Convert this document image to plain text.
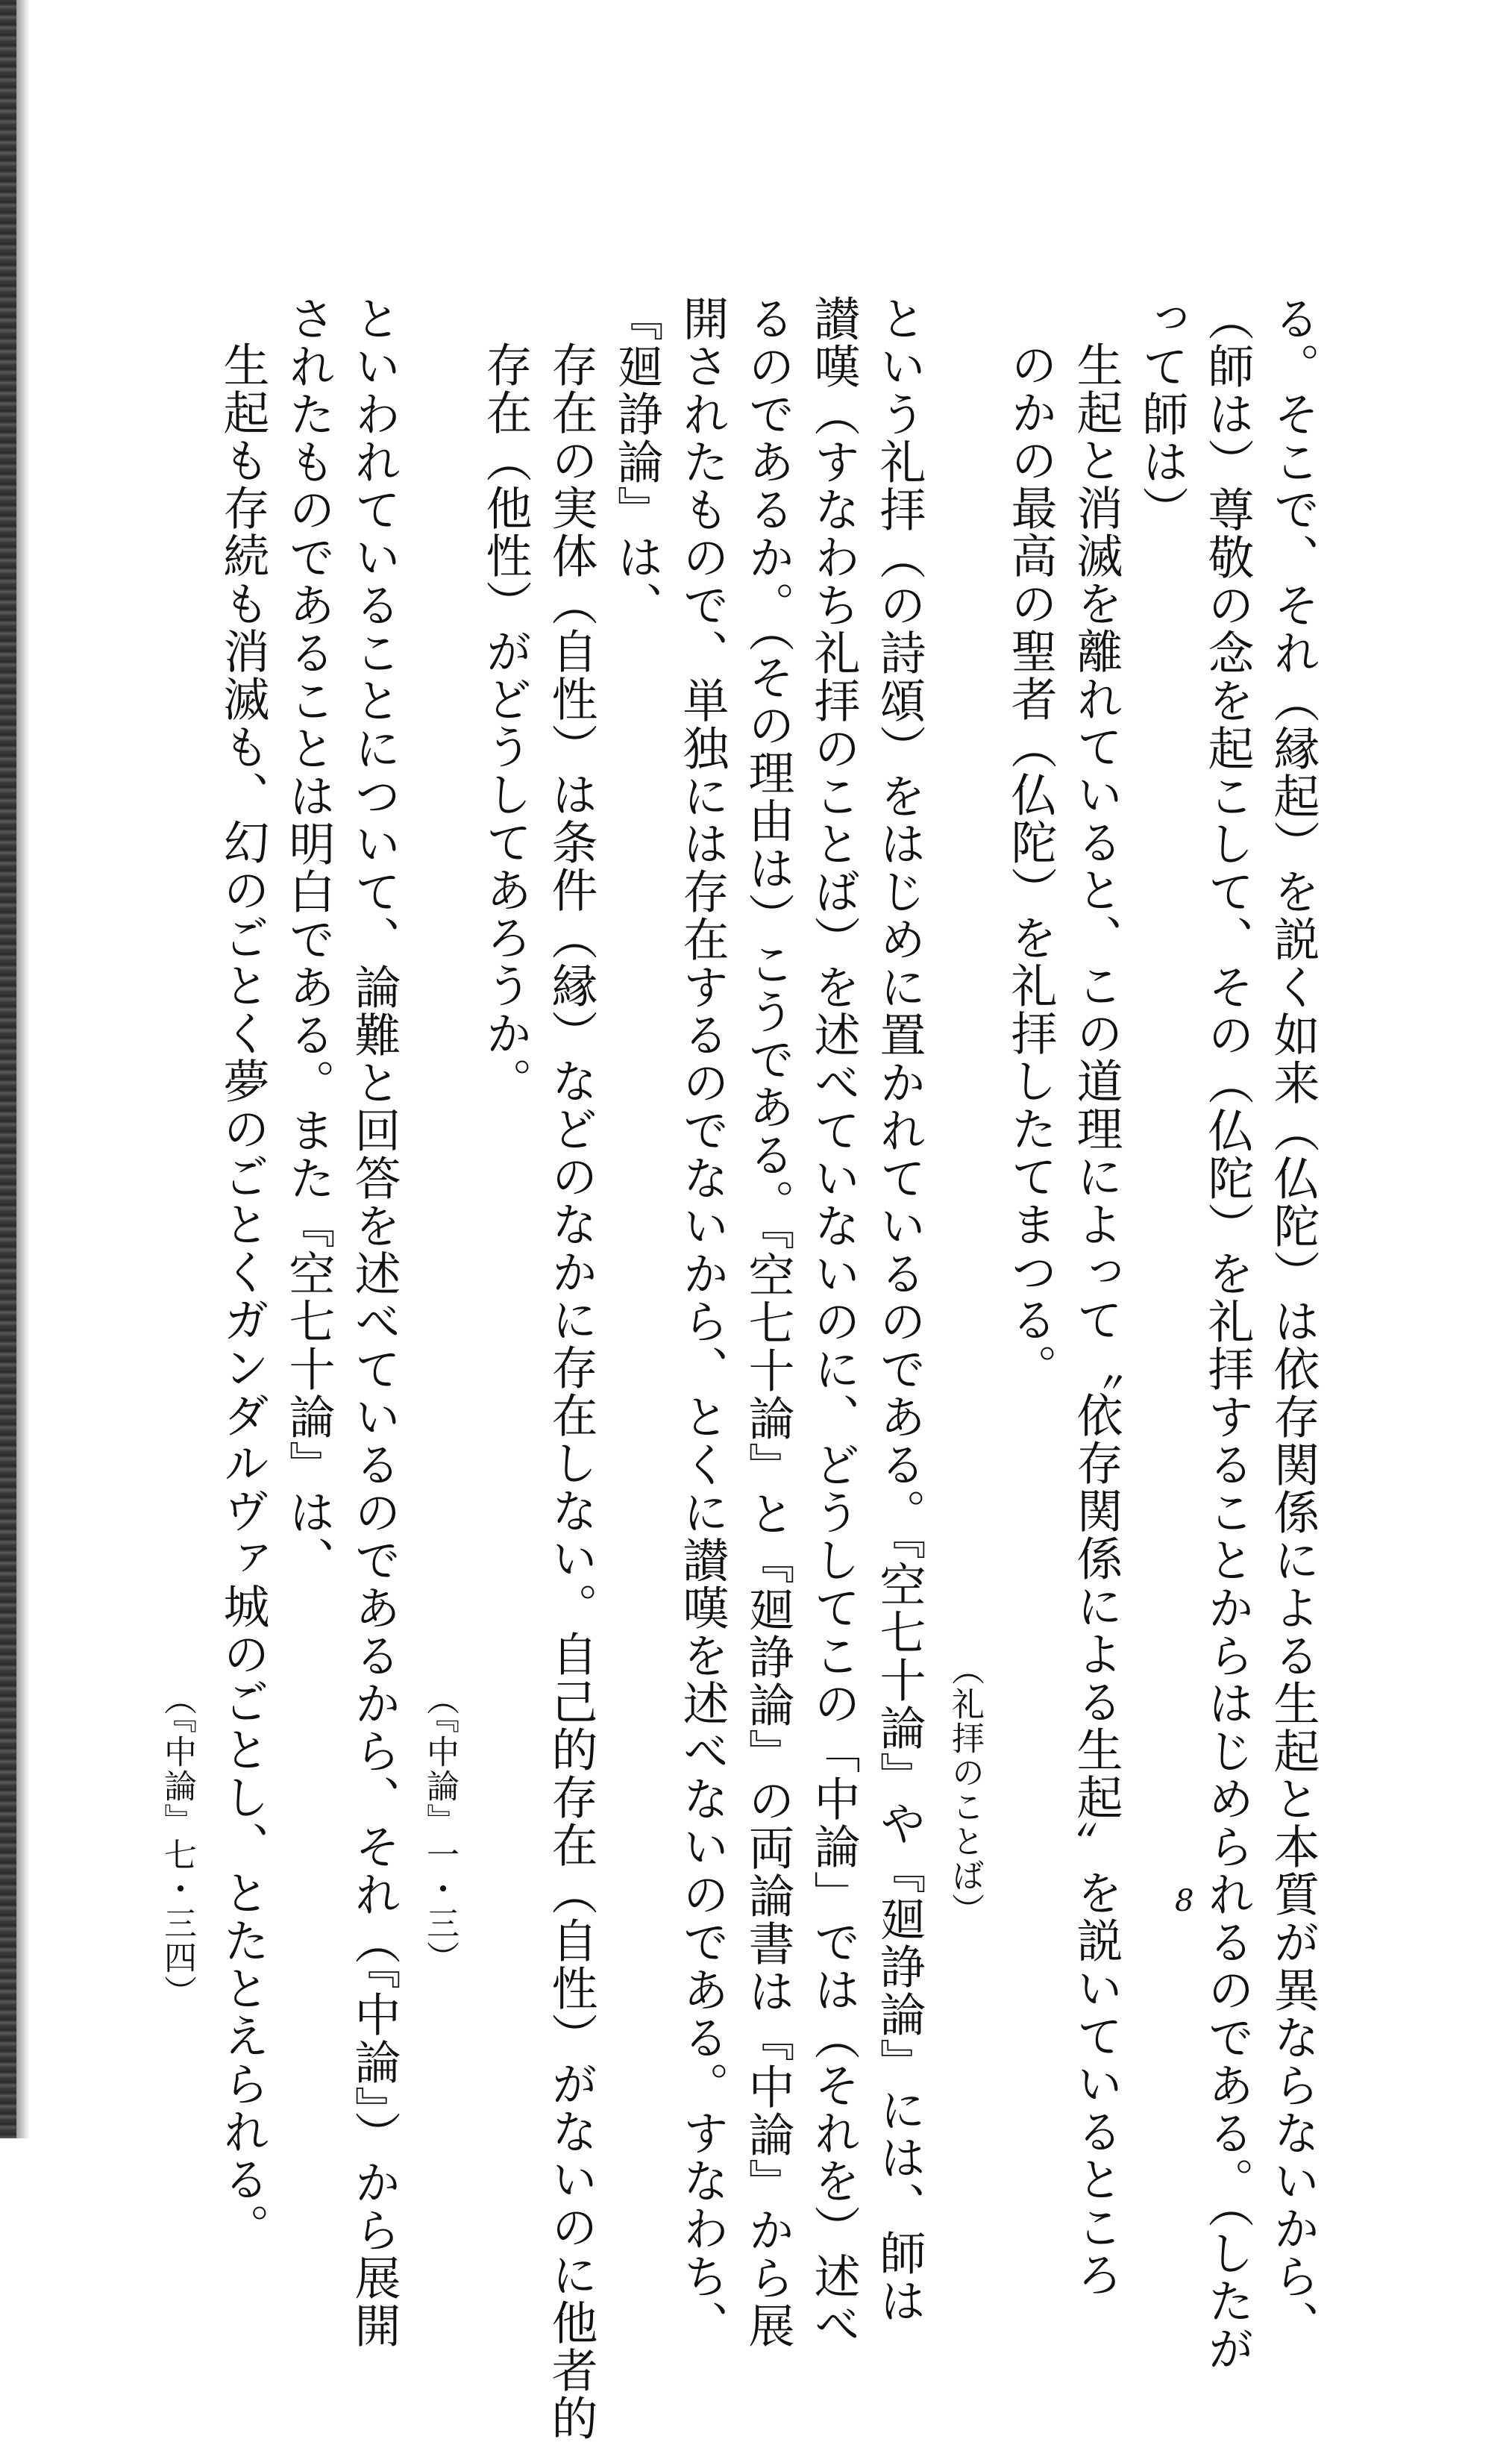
る。そこで、それ（縁起）を説く如来（仏陀）は依存関係による生起と本質が異ならないから、
（師は）尊敬の念を起こして、その（仏陀）を礼拝することからはじめられるのである。（したが
って師は）
生起と消滅を離れていると、この道理によって〝依存関係による生起〟を説いているところ
のかの最高の聖者（仏陀）を礼拝したてまつる。
（礼拝のことば）
という礼拝（の詩頌）をはじめに置かれているのである。『空七十論』や『廻諍論』には、師は
讃嘆（すなわち礼拝のことば）を述べていないのに、どうしてこの「中論」では（それを）述べ
るのであるか。（その理由は）こうである。『空七十論』と『廻諍論』の両論書は『中論』から展
開されたもので、単独には存在するのでないから、とくに讃嘆を述べないのである。すなわち、
『廻諍論』は、
存在の実体（自性）は条件（縁）などのなかに存在しない。自己的存在（自性）がないのに他者的
存在（他性）がどうしてあろうか。
（『中論』一・三）
といわれていることについて、論難と回答を述べているのであるから、それ（『中論』）から展開
されたものであることは明白である。また『空七十論』は、
生起も存続も消滅も、幻のごとく夢のごとくガンダルヴァ城のごとし、とたとえられる。
（『中論』七・三四）	8
